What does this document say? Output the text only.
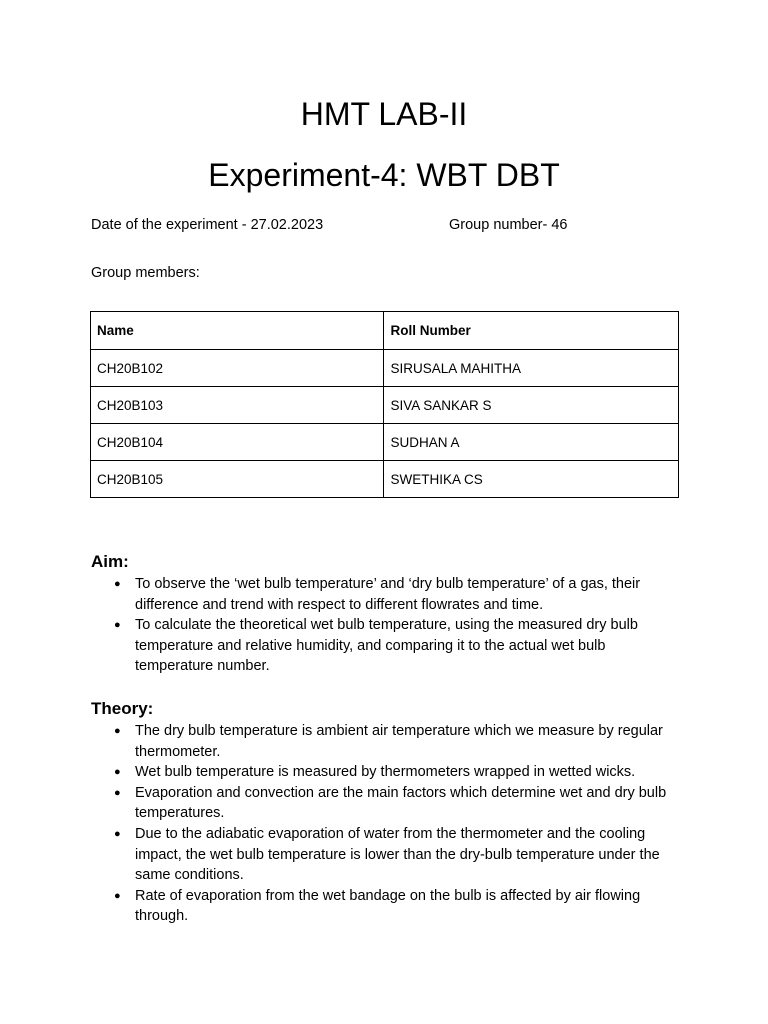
HMT LAB-II
Experiment-4: WBT DBT
Date of the experiment - 27.02.2023	Group number- 46
Group members:
Name	Roll Number
CH20B102	SIRUSALA MAHITHA
CH20B103	SIVA SANKAR S
CH20B104	SUDHAN A
CH20B105	SWETHIKA CS
Aim:
● To observe the ‘wet bulb temperature’ and ‘dry bulb temperature’ of a gas, their difference and trend with respect to different flowrates and time.
● To calculate the theoretical wet bulb temperature, using the measured dry bulb temperature and relative humidity, and comparing it to the actual wet bulb temperature number.
Theory:
● The dry bulb temperature is ambient air temperature which we measure by regular thermometer.
● Wet bulb temperature is measured by thermometers wrapped in wetted wicks.
● Evaporation and convection are the main factors which determine wet and dry bulb temperatures.
● Due to the adiabatic evaporation of water from the thermometer and the cooling impact, the wet bulb temperature is lower than the dry-bulb temperature under the same conditions.
● Rate of evaporation from the wet bandage on the bulb is affected by air flowing through.
